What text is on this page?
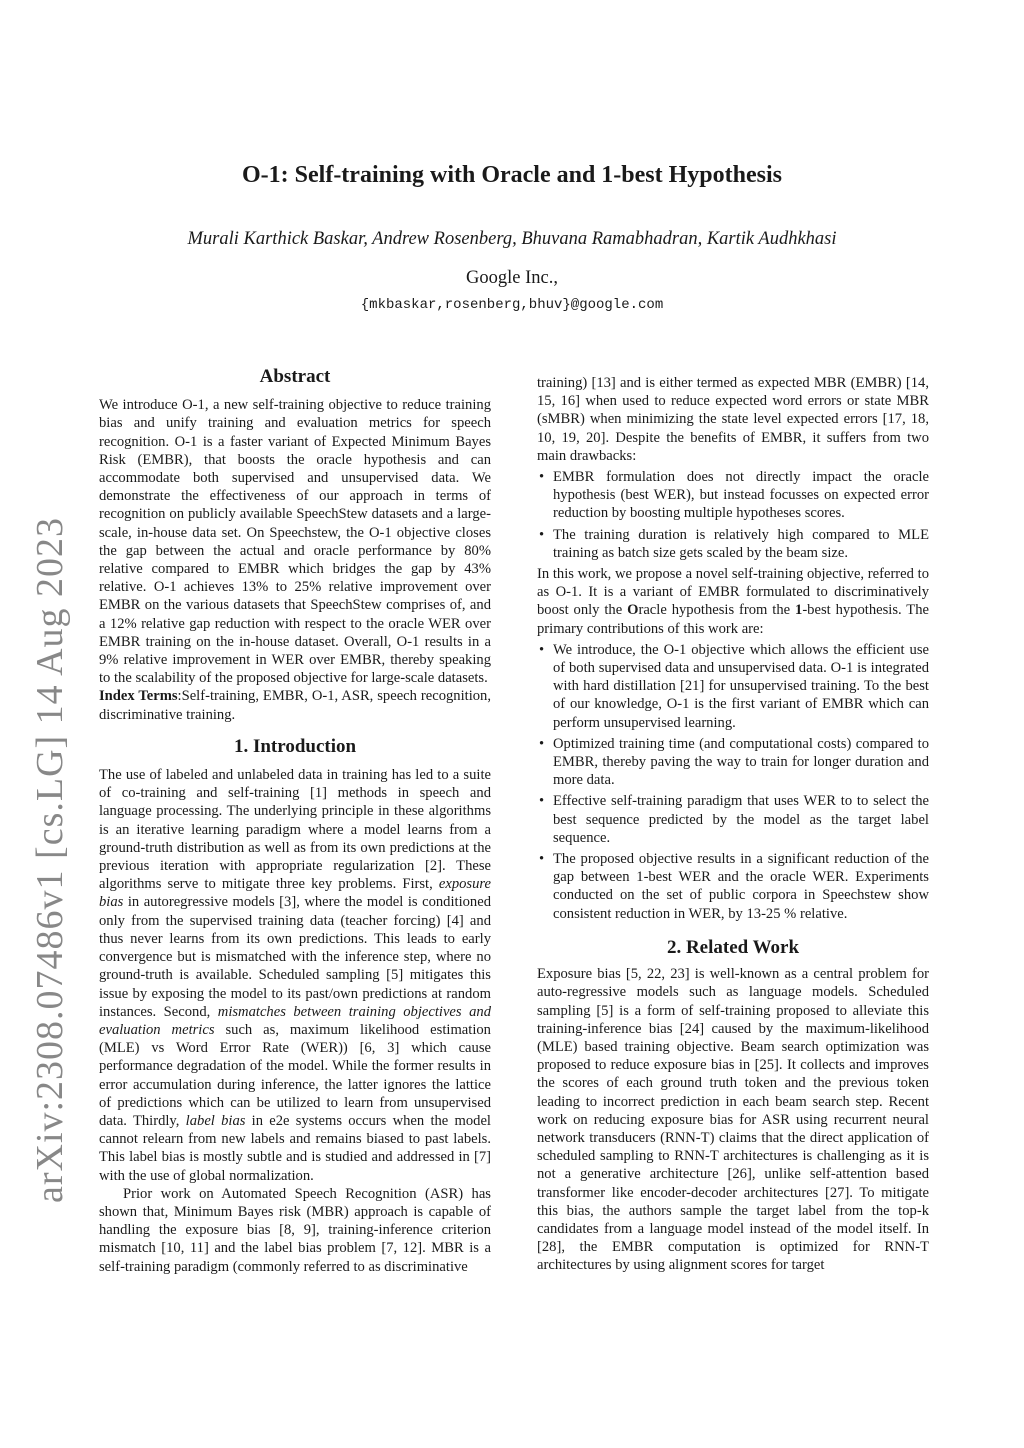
arXiv:2308.07486v1 [cs.LG] 14 Aug 2023
O-1: Self-training with Oracle and 1-best Hypothesis

Murali Karthick Baskar, Andrew Rosenberg, Bhuvana Ramabhadran, Kartik Audhkhasi

Google Inc.,

{mkbaskar,rosenberg,bhuv}@google.com
Abstract

We introduce O-1, a new self-training objective to reduce training bias and unify training and evaluation metrics for speech recognition. O-1 is a faster variant of Expected Minimum Bayes Risk (EMBR), that boosts the oracle hypothesis and can accommodate both supervised and unsupervised data. We demonstrate the effectiveness of our approach in terms of recognition on publicly available SpeechStew datasets and a large-scale, in-house data set. On Speechstew, the O-1 objective closes the gap between the actual and oracle performance by 80% relative compared to EMBR which bridges the gap by 43% relative. O-1 achieves 13% to 25% relative improvement over EMBR on the various datasets that SpeechStew comprises of, and a 12% relative gap reduction with respect to the oracle WER over EMBR training on the in-house dataset. Overall, O-1 results in a 9% relative improvement in WER over EMBR, thereby speaking to the scalability of the proposed objective for large-scale datasets.
Index Terms:Self-training, EMBR, O-1, ASR, speech recognition, discriminative training.

1. Introduction

The use of labeled and unlabeled data in training has led to a suite of co-training and self-training [1] methods in speech and language processing. The underlying principle in these algorithms is an iterative learning paradigm where a model learns from a ground-truth distribution as well as from its own predictions at the previous iteration with appropriate regularization [2]. These algorithms serve to mitigate three key problems. First, exposure bias in autoregressive models [3], where the model is conditioned only from the supervised training data (teacher forcing) [4] and thus never learns from its own predictions. This leads to early convergence but is mismatched with the inference step, where no ground-truth is available. Scheduled sampling [5] mitigates this issue by exposing the model to its past/own predictions at random instances. Second, mismatches between training objectives and evaluation metrics such as, maximum likelihood estimation (MLE) vs Word Error Rate (WER)) [6, 3] which cause performance degradation of the model. While the former results in error accumulation during inference, the latter ignores the lattice of predictions which can be utilized to learn from unsupervised data. Thirdly, label bias in e2e systems occurs when the model cannot relearn from new labels and remains biased to past labels. This label bias is mostly subtle and is studied and addressed in [7] with the use of global normalization.

Prior work on Automated Speech Recognition (ASR) has shown that, Minimum Bayes risk (MBR) approach is capable of handling the exposure bias [8, 9], training-inference criterion mismatch [10, 11] and the label bias problem [7, 12]. MBR is a self-training paradigm (commonly referred to as discriminative

training) [13] and is either termed as expected MBR (EMBR) [14, 15, 16] when used to reduce expected word errors or state MBR (sMBR) when minimizing the state level expected errors [17, 18, 10, 19, 20]. Despite the benefits of EMBR, it suffers from two main drawbacks:

• EMBR formulation does not directly impact the oracle hypothesis (best WER), but instead focusses on expected error reduction by boosting multiple hypotheses scores.
• The training duration is relatively high compared to MLE training as batch size gets scaled by the beam size.

In this work, we propose a novel self-training objective, referred to as O-1. It is a variant of EMBR formulated to discriminatively boost only the Oracle hypothesis from the 1-best hypothesis. The primary contributions of this work are:

• We introduce, the O-1 objective which allows the efficient use of both supervised data and unsupervised data. O-1 is integrated with hard distillation [21] for unsupervised training. To the best of our knowledge, O-1 is the first variant of EMBR which can perform unsupervised learning.
• Optimized training time (and computational costs) compared to EMBR, thereby paving the way to train for longer duration and more data.
• Effective self-training paradigm that uses WER to to select the best sequence predicted by the model as the target label sequence.
• The proposed objective results in a significant reduction of the gap between 1-best WER and the oracle WER. Experiments conducted on the set of public corpora in Speechstew show consistent reduction in WER, by 13-25 % relative.
2. Related Work

Exposure bias [5, 22, 23] is well-known as a central problem for auto-regressive models such as language models. Scheduled sampling [5] is a form of self-training proposed to alleviate this training-inference bias [24] caused by the maximum-likelihood (MLE) based training objective. Beam search optimization was proposed to reduce exposure bias in [25]. It collects and improves the scores of each ground truth token and the previous token leading to incorrect prediction in each beam search step. Recent work on reducing exposure bias for ASR using recurrent neural network transducers (RNN-T) claims that the direct application of scheduled sampling to RNN-T architectures is challenging as it is not a generative architecture [26], unlike self-attention based transformer like encoder-decoder architectures [27]. To mitigate this bias, the authors sample the target label from the top-k candidates from a language model instead of the model itself. In [28], the EMBR computation is optimized for RNN-T architectures by using alignment scores for target
